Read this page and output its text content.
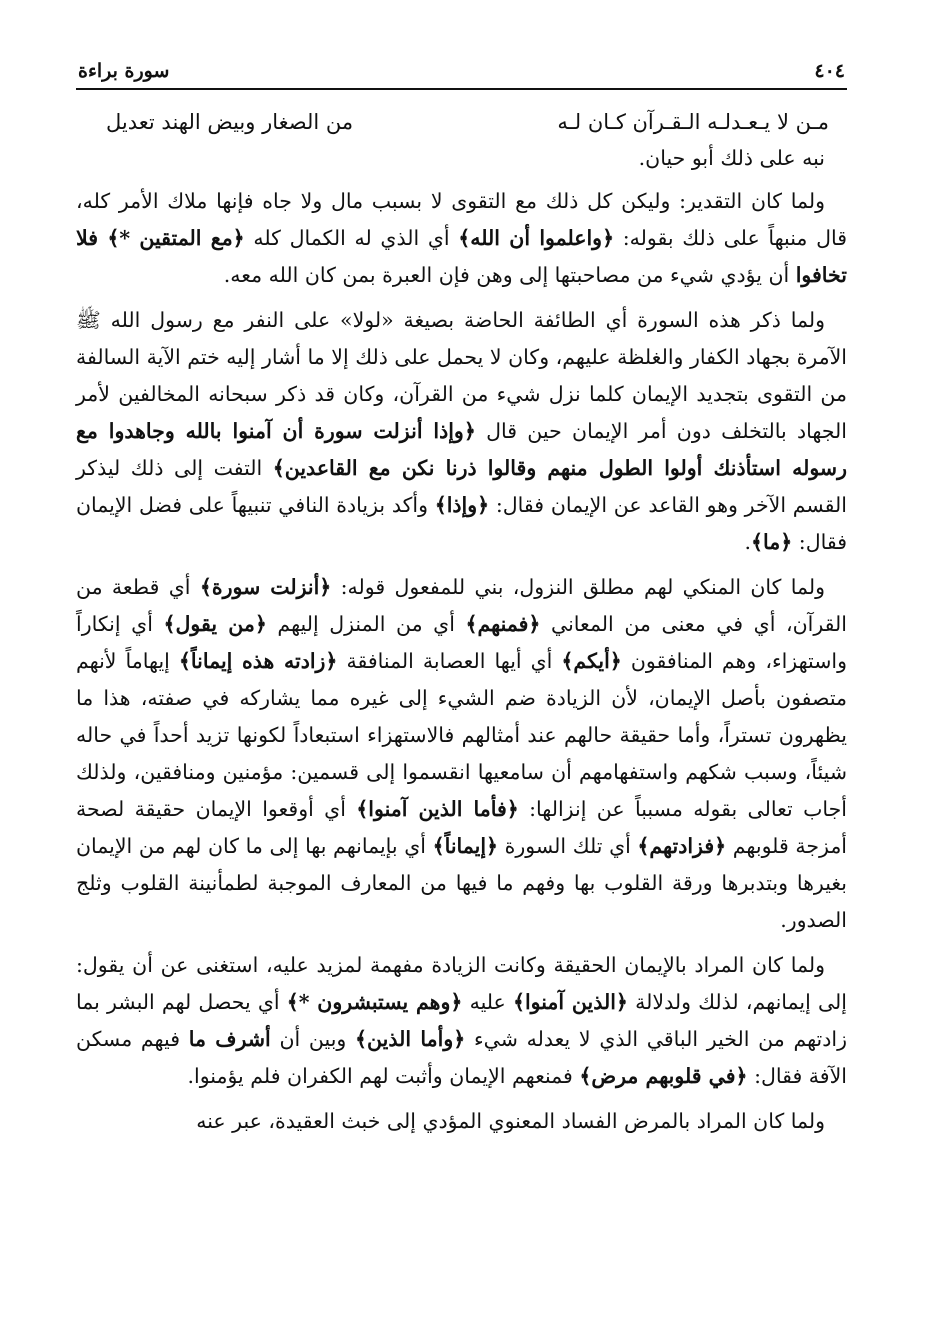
٤٠٤
سورة براءة
مـن لا يـعـدلـه الـقـرآن كـان لـه
من الصغار وبيض الهند تعديل

نبه على ذلك أبو حيان.

ولما كان التقدير: وليكن كل ذلك مع التقوى لا بسبب مال ولا جاه فإنها ملاك الأمر كله، قال منبهاً على ذلك بقوله: ﴿واعلموا أن الله﴾ أي الذي له الكمال كله ﴿مع المتقين *﴾ فلا تخافوا أن يؤدي شيء من مصاحبتها إلى وهن فإن العبرة بمن كان الله معه.

ولما ذكر هذه السورة أي الطائفة الحاضة بصيغة «لولا» على النفر مع رسول الله ﷺ الآمرة بجهاد الكفار والغلظة عليهم، وكان لا يحمل على ذلك إلا ما أشار إليه ختم الآية السالفة من التقوى بتجديد الإيمان كلما نزل شيء من القرآن، وكان قد ذكر سبحانه المخالفين لأمر الجهاد بالتخلف دون أمر الإيمان حين قال ﴿وإذا أنزلت سورة أن آمنوا بالله وجاهدوا مع رسوله استأذنك أولوا الطول منهم وقالوا ذرنا نكن مع القاعدين﴾ التفت إلى ذلك ليذكر القسم الآخر وهو القاعد عن الإيمان فقال: ﴿وإذا﴾ وأكد بزيادة النافي تنبيهاً على فضل الإيمان فقال: ﴿ما﴾.

ولما كان المنكي لهم مطلق النزول، بني للمفعول قوله: ﴿أنزلت سورة﴾ أي قطعة من القرآن، أي في معنى من المعاني ﴿فمنهم﴾ أي من المنزل إليهم ﴿من يقول﴾ أي إنكاراً واستهزاء، وهم المنافقون ﴿أيكم﴾ أي أيها العصابة المنافقة ﴿زادته هذه إيماناً﴾ إيهاماً لأنهم متصفون بأصل الإيمان، لأن الزيادة ضم الشيء إلى غيره مما يشاركه في صفته، هذا ما يظهرون تستراً، وأما حقيقة حالهم عند أمثالهم فالاستهزاء استبعاداً لكونها تزيد أحداً في حاله شيئاً، وسبب شكهم واستفهامهم أن سامعيها انقسموا إلى قسمين: مؤمنين ومنافقين، ولذلك أجاب تعالى بقوله مسبباً عن إنزالها: ﴿فأما الذين آمنوا﴾ أي أوقعوا الإيمان حقيقة لصحة أمزجة قلوبهم ﴿فزادتهم﴾ أي تلك السورة ﴿إيماناً﴾ أي بإيمانهم بها إلى ما كان لهم من الإيمان بغيرها وبتدبرها ورقة القلوب بها وفهم ما فيها من المعارف الموجبة لطمأنينة القلوب وثلج الصدور.

ولما كان المراد بالإيمان الحقيقة وكانت الزيادة مفهمة لمزيد عليه، استغنى عن أن يقول: إلى إيمانهم، لذلك ولدلالة ﴿الذين آمنوا﴾ عليه ﴿وهم يستبشرون *﴾ أي يحصل لهم البشر بما زادتهم من الخير الباقي الذي لا يعدله شيء ﴿وأما الذين﴾ وبين أن أشرف ما فيهم مسكن الآفة فقال: ﴿في قلوبهم مرض﴾ فمنعهم الإيمان وأثبت لهم الكفران فلم يؤمنوا.

ولما كان المراد بالمرض الفساد المعنوي المؤدي إلى خبث العقيدة، عبر عنه
